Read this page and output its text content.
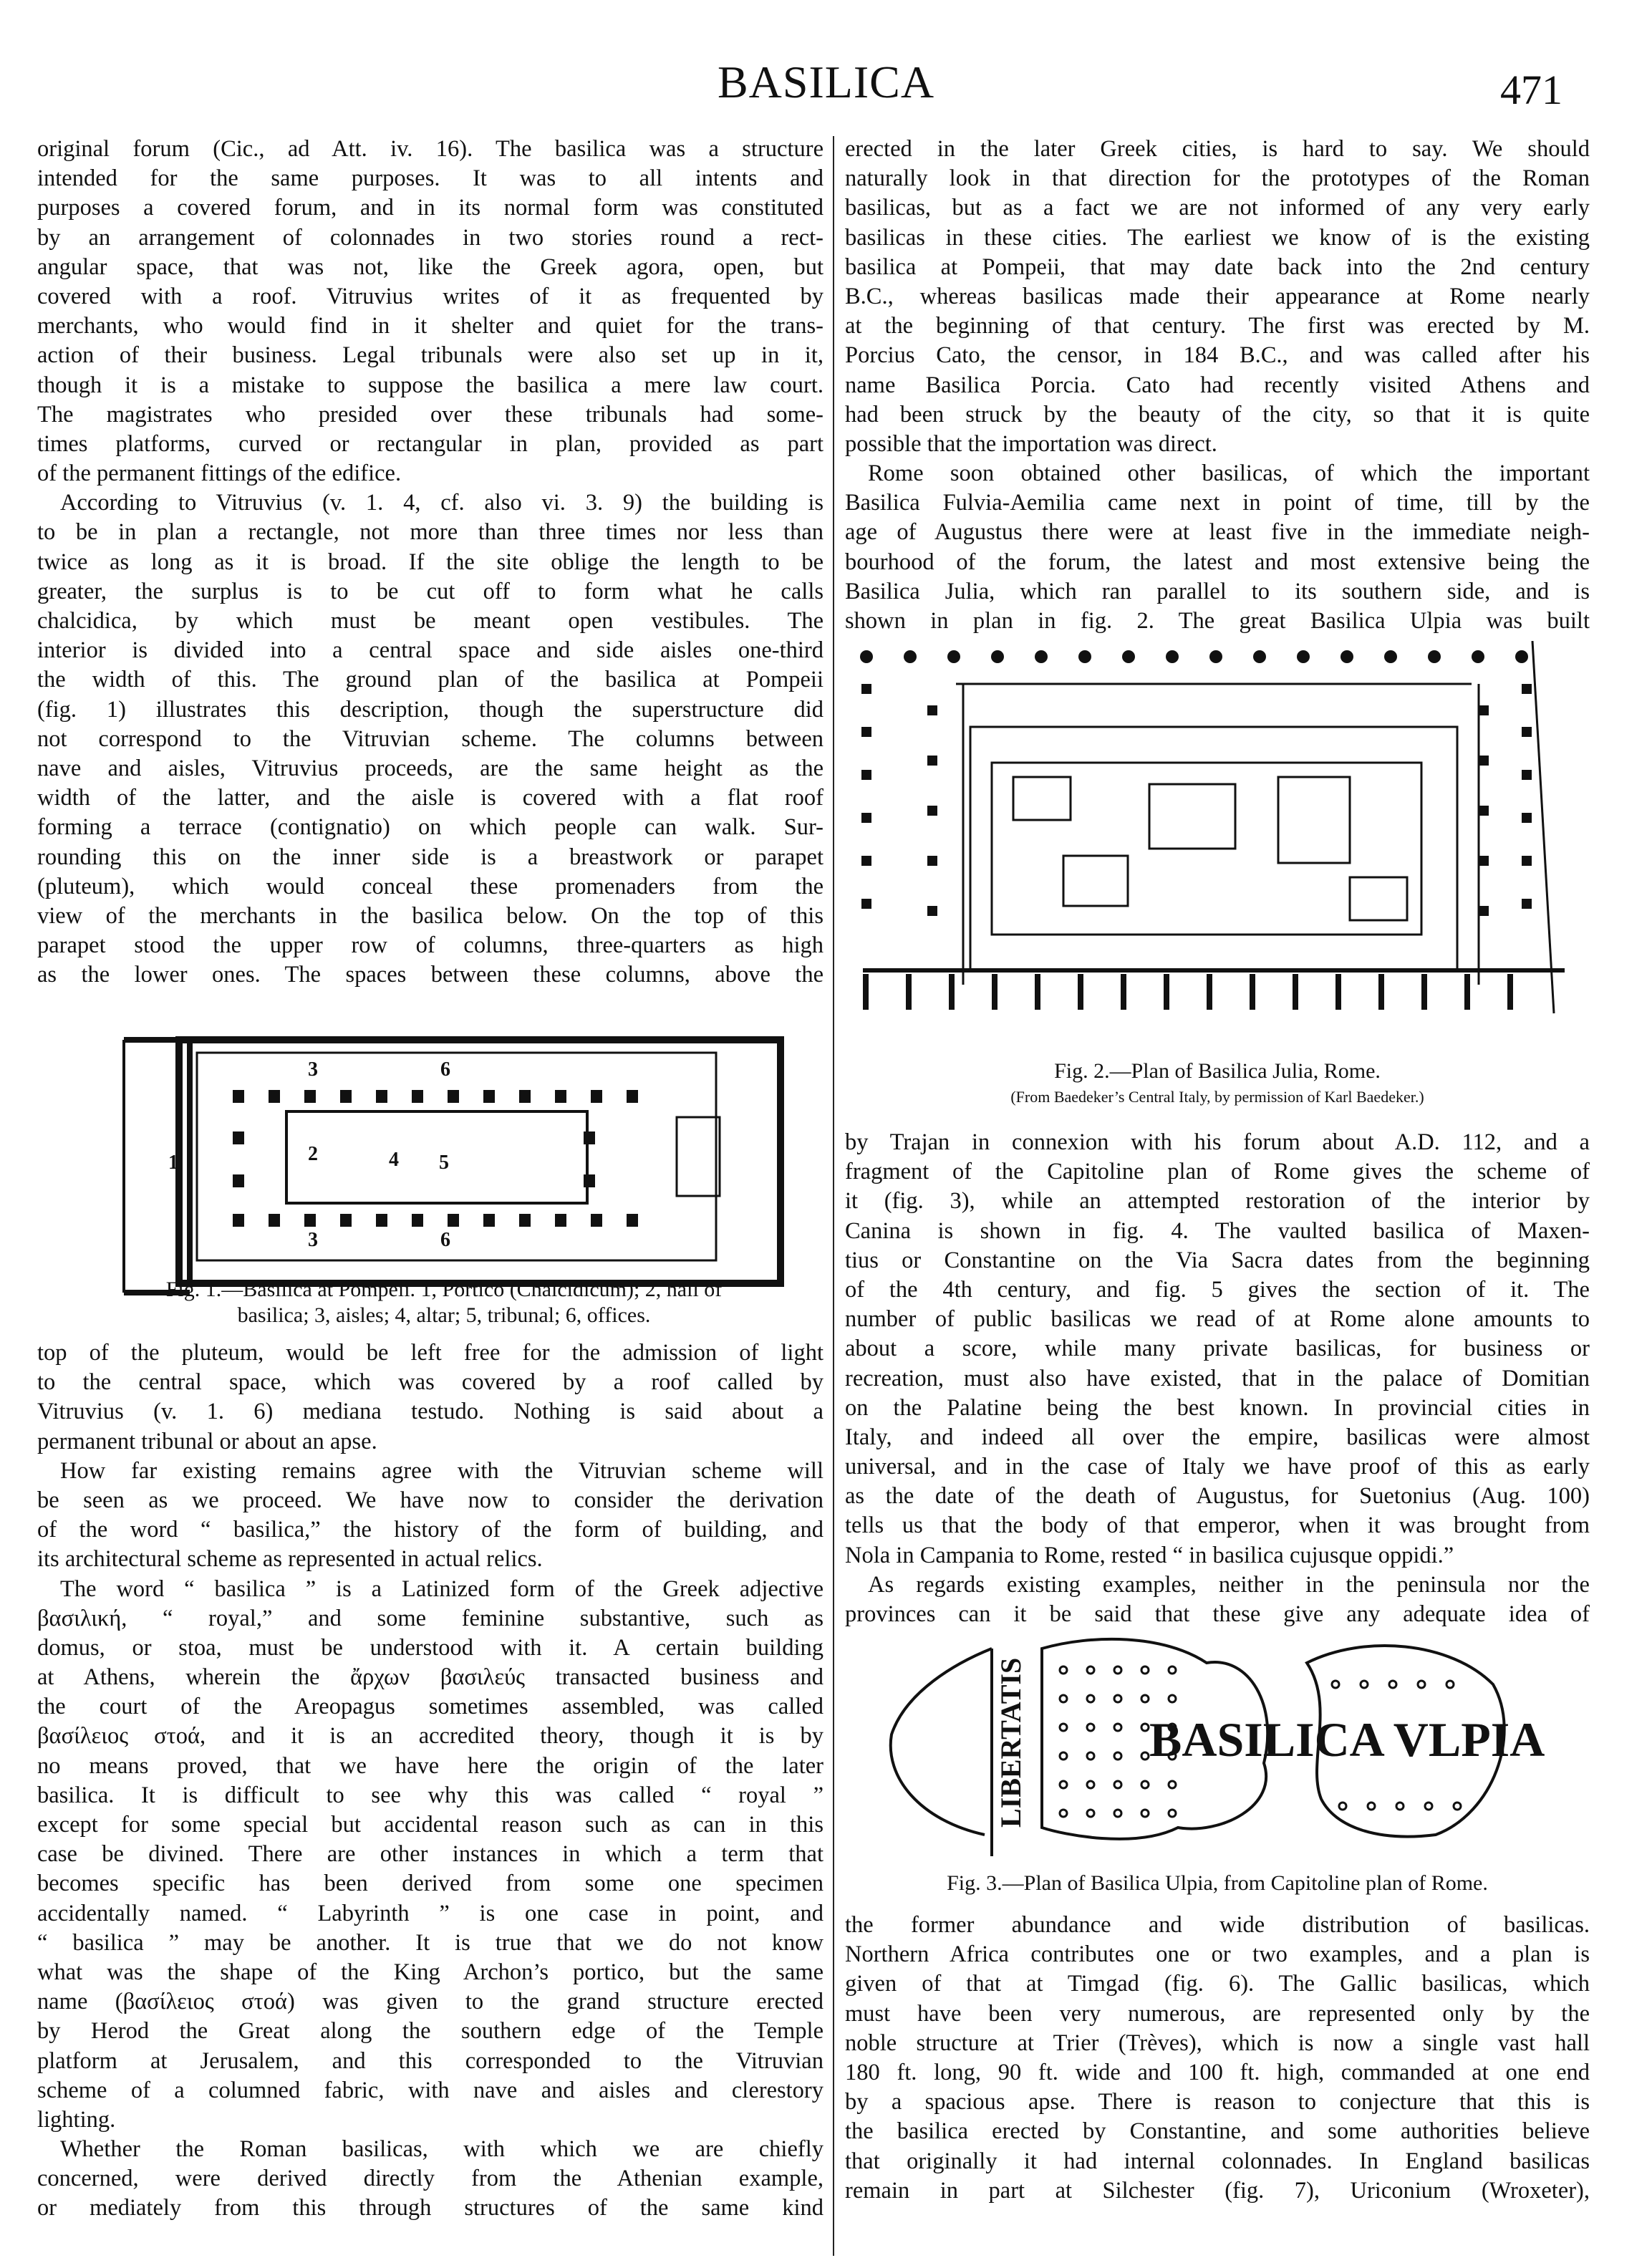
BASILICA	471
original forum (Cic., ad Att. iv. 16). The basilica was a structure
intended for the same purposes. It was to all intents and
purposes a covered forum, and in its normal form was constituted
by an arrangement of colonnades in two stories round a rect-
angular space, that was not, like the Greek agora, open, but
covered with a roof. Vitruvius writes of it as frequented by
merchants, who would find in it shelter and quiet for the trans-
action of their business. Legal tribunals were also set up in it,
though it is a mistake to suppose the basilica a mere law court.
The magistrates who presided over these tribunals had some-
times platforms, curved or rectangular in plan, provided as part
of the permanent fittings of the edifice.
According to Vitruvius (v. 1. 4, cf. also vi. 3. 9) the building is
to be in plan a rectangle, not more than three times nor less than
twice as long as it is broad. If the site oblige the length to be
greater, the surplus is to be cut off to form what he calls
chalcidica, by which must be meant open vestibules. The
interior is divided into a central space and side aisles one-third
the width of this. The ground plan of the basilica at Pompeii
(fig. 1) illustrates this description, though the superstructure did
not correspond to the Vitruvian scheme. The columns between
nave and aisles, Vitruvius proceeds, are the same height as the
width of the latter, and the aisle is covered with a flat roof
forming a terrace (contignatio) on which people can walk. Sur-
rounding this on the inner side is a breastwork or parapet
(pluteum), which would conceal these promenaders from the
view of the merchants in the basilica below. On the top of this
parapet stood the upper row of columns, three-quarters as high
as the lower ones. The spaces between these columns, above the
1	2
3
3
4 5
6
6
Fig. 1.—Basilica at Pompeii. 1, Portico (Chalcidicum); 2, hall of
basilica; 3, aisles; 4, altar; 5, tribunal; 6, offices.
top of the pluteum, would be left free for the admission of light
to the central space, which was covered by a roof called by
Vitruvius (v. 1. 6) mediana testudo. Nothing is said about a
permanent tribunal or about an apse.
How far existing remains agree with the Vitruvian scheme will
be seen as we proceed. We have now to consider the derivation
of the word “ basilica,” the history of the form of building, and
its architectural scheme as represented in actual relics.
The word “ basilica ” is a Latinized form of the Greek adjective
βασιλική, “ royal,” and some feminine substantive, such as
domus, or stoa, must be understood with it. A certain building
at Athens, wherein the ἄρχων βασιλεύς transacted business and
the court of the Areopagus sometimes assembled, was called
βασίλειος στοά, and it is an accredited theory, though it is by
no means proved, that we have here the origin of the later
basilica. It is difficult to see why this was called “ royal ”
except for some special but accidental reason such as can in this
case be divined. There are other instances in which a term that
becomes specific has been derived from some one specimen
accidentally named. “ Labyrinth ” is one case in point, and
“ basilica ” may be another. It is true that we do not know
what was the shape of the King Archon’s portico, but the same
name (βασίλειος στοά) was given to the grand structure erected
by Herod the Great along the southern edge of the Temple
platform at Jerusalem, and this corresponded to the Vitruvian
scheme of a columned fabric, with nave and aisles and clerestory
lighting.
Whether the Roman basilicas, with which we are chiefly
concerned, were derived directly from the Athenian example,
or mediately from this through structures of the same kind
erected in the later Greek cities, is hard to say. We should
naturally look in that direction for the prototypes of the Roman
basilicas, but as a fact we are not informed of any very early
basilicas in these cities. The earliest we know of is the existing
basilica at Pompeii, that may date back into the 2nd century
B.C., whereas basilicas made their appearance at Rome nearly
at the beginning of that century. The first was erected by M.
Porcius Cato, the censor, in 184 B.C., and was called after his
name Basilica Porcia. Cato had recently visited Athens and
had been struck by the beauty of the city, so that it is quite
possible that the importation was direct.
Rome soon obtained other basilicas, of which the important
Basilica Fulvia-Aemilia came next in point of time, till by the
age of Augustus there were at least five in the immediate neigh-
bourhood of the forum, the latest and most extensive being the
Basilica Julia, which ran parallel to its southern side, and is
shown in plan in fig. 2. The great Basilica Ulpia was built
Fig. 2.—Plan of Basilica Julia, Rome.
(From Baedeker’s Central Italy, by permission of Karl Baedeker.)
by Trajan in connexion with his forum about A.D. 112, and a
fragment of the Capitoline plan of Rome gives the scheme of
it (fig. 3), while an attempted restoration of the interior by
Canina is shown in fig. 4. The vaulted basilica of Maxen-
tius or Constantine on the Via Sacra dates from the beginning
of the 4th century, and fig. 5 gives the section of it. The
number of public basilicas we read of at Rome alone amounts to
about a score, while many private basilicas, for business or
recreation, must also have existed, that in the palace of Domitian
on the Palatine being the best known. In provincial cities in
Italy, and indeed all over the empire, basilicas were almost
universal, and in the case of Italy we have proof of this as early
as the date of the death of Augustus, for Suetonius (Aug. 100)
tells us that the body of that emperor, when it was brought from
Nola in Campania to Rome, rested “ in basilica cujusque oppidi.”
As regards existing examples, neither in the peninsula nor the
provinces can it be said that these give any adequate idea of
BASILICA VLPIA
LIBERTATIS
Fig. 3.—Plan of Basilica Ulpia, from Capitoline plan of Rome.
the former abundance and wide distribution of basilicas.
Northern Africa contributes one or two examples, and a plan is
given of that at Timgad (fig. 6). The Gallic basilicas, which
must have been very numerous, are represented only by the
noble structure at Trier (Trèves), which is now a single vast hall
180 ft. long, 90 ft. wide and 100 ft. high, commanded at one end
by a spacious apse. There is reason to conjecture that this is
the basilica erected by Constantine, and some authorities believe
that originally it had internal colonnades. In England basilicas
remain in part at Silchester (fig. 7), Uriconium (Wroxeter),
